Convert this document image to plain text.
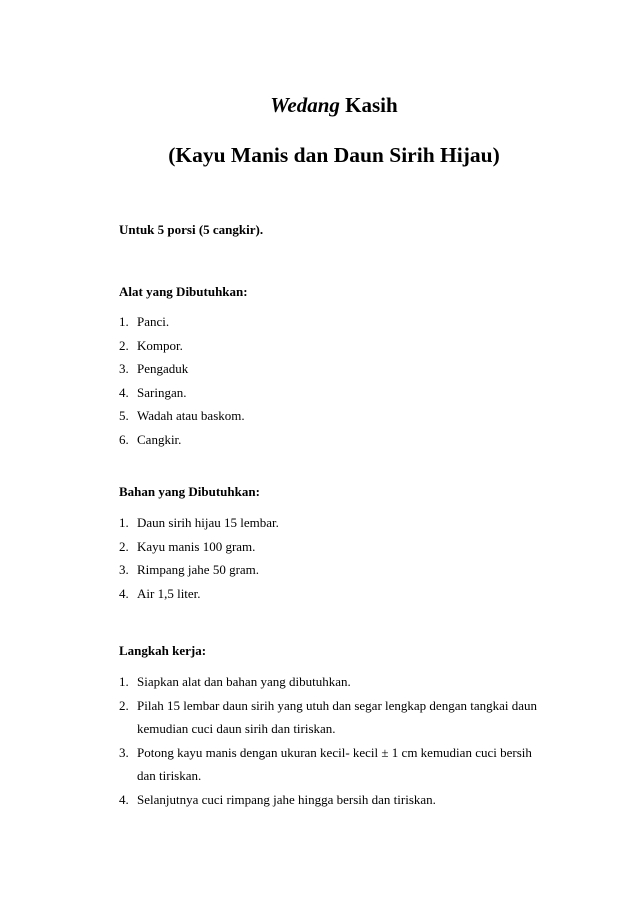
Wedang Kasih
(Kayu Manis dan Daun Sirih Hijau)

Untuk 5 porsi (5 cangkir).

Alat yang Dibutuhkan:

1. Panci.
2. Kompor.
3. Pengaduk
4. Saringan.
5. Wadah atau baskom.
6. Cangkir.

Bahan yang Dibutuhkan:

1. Daun sirih hijau 15 lembar.
2. Kayu manis 100 gram.
3. Rimpang jahe 50 gram.
4. Air 1,5 liter.

Langkah kerja:

1. Siapkan alat dan bahan yang dibutuhkan.
2. Pilah 15 lembar daun sirih yang utuh dan segar lengkap dengan tangkai daun kemudian cuci daun sirih dan tiriskan.
3. Potong kayu manis dengan ukuran kecil- kecil ± 1 cm kemudian cuci bersih dan tiriskan.
4. Selanjutnya cuci rimpang jahe hingga bersih dan tiriskan.
